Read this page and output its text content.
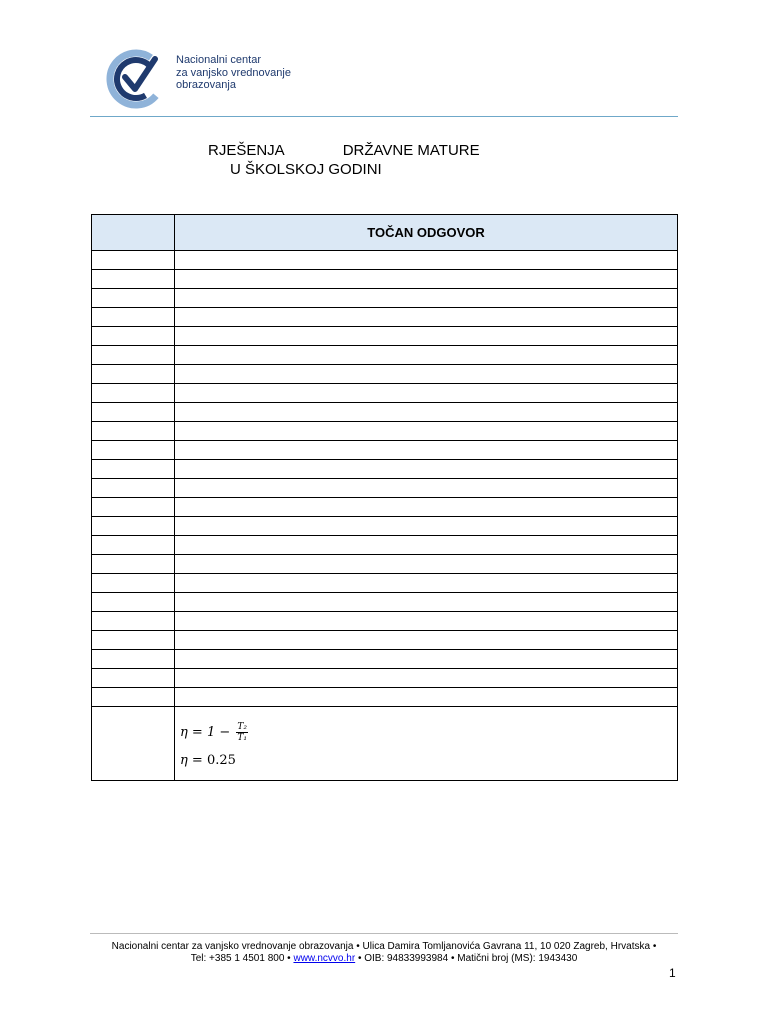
Nacionalni centar
za vanjsko vrednovanje
obrazovanja
RJEŠENJA	DRŽAVNE MATURE
U ŠKOLSKOJ GODINI
	TOČAN ODGOVOR

	$\eta = 1 - \frac{\text{T₂}}{\text{T₁}}$
η = 0.25
Nacionalni centar za vanjsko vrednovanje obrazovanja • Ulica Damira Tomljanovića Gavrana 11, 10 020 Zagreb, Hrvatska •
Tel: +385 1 4501 800 • www.ncvvo.hr • OIB: 94833993984 • Matični broj (MS): 1943430
1
